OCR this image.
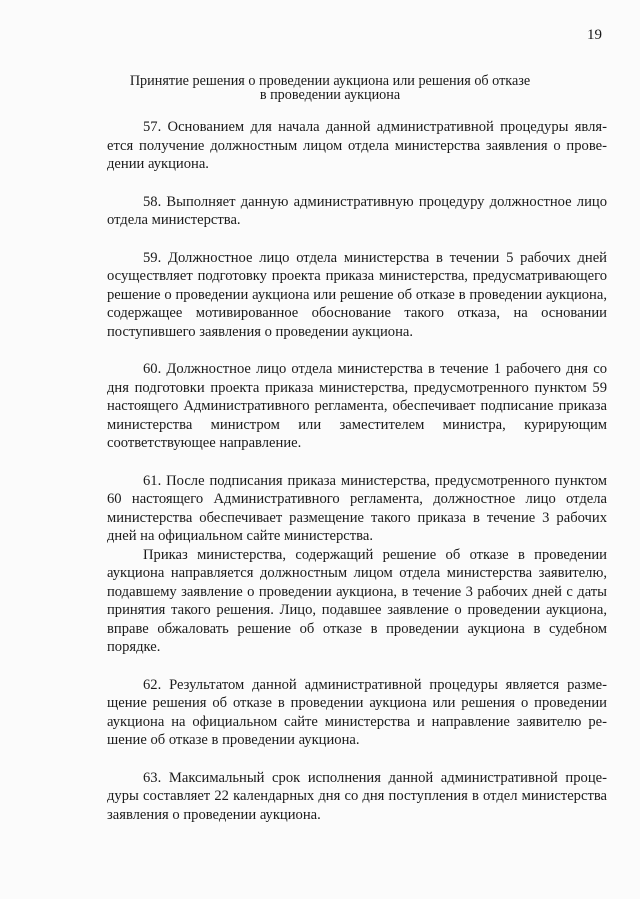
19
Принятие решения о проведении аукциона или решения об отказе
в проведении аукциона

57. Основанием для начала данной административной процедуры является получение должностным лицом отдела министерства заявления о проведении аукциона.

58. Выполняет данную административную процедуру должностное лицо отдела министерства.

59. Должностное лицо отдела министерства в течении 5 рабочих дней осуществляет подготовку проекта приказа министерства, предусматривающего решение о проведении аукциона или решение об отказе в проведении аукциона, содержащее мотивированное обоснование такого отказа, на основании поступившего заявления о проведении аукциона.

60. Должностное лицо отдела министерства в течение 1 рабочего дня со дня подготовки проекта приказа министерства, предусмотренного пунктом 59 настоящего Административного регламента, обеспечивает подписание приказа министерства министром или заместителем министра, курирующим соответствующее направление.

61. После подписания приказа министерства, предусмотренного пунктом 60 настоящего Административного регламента, должностное лицо отдела министерства обеспечивает размещение такого приказа в течение 3 рабочих дней на официальном сайте министерства.

Приказ министерства, содержащий решение об отказе в проведении аукциона направляется должностным лицом отдела министерства заявителю, подавшему заявление о проведении аукциона, в течение 3 рабочих дней с даты принятия такого решения. Лицо, подавшее заявление о проведении аукциона, вправе обжаловать решение об отказе в проведении аукциона в судебном порядке.

62. Результатом данной административной процедуры является размещение решения об отказе в проведении аукциона или решения о проведении аукциона на официальном сайте министерства и направление заявителю решение об отказе в проведении аукциона.

63. Максимальный срок исполнения данной административной процедуры составляет 22 календарных дня со дня поступления в отдел министерства заявления о проведении аукциона.
